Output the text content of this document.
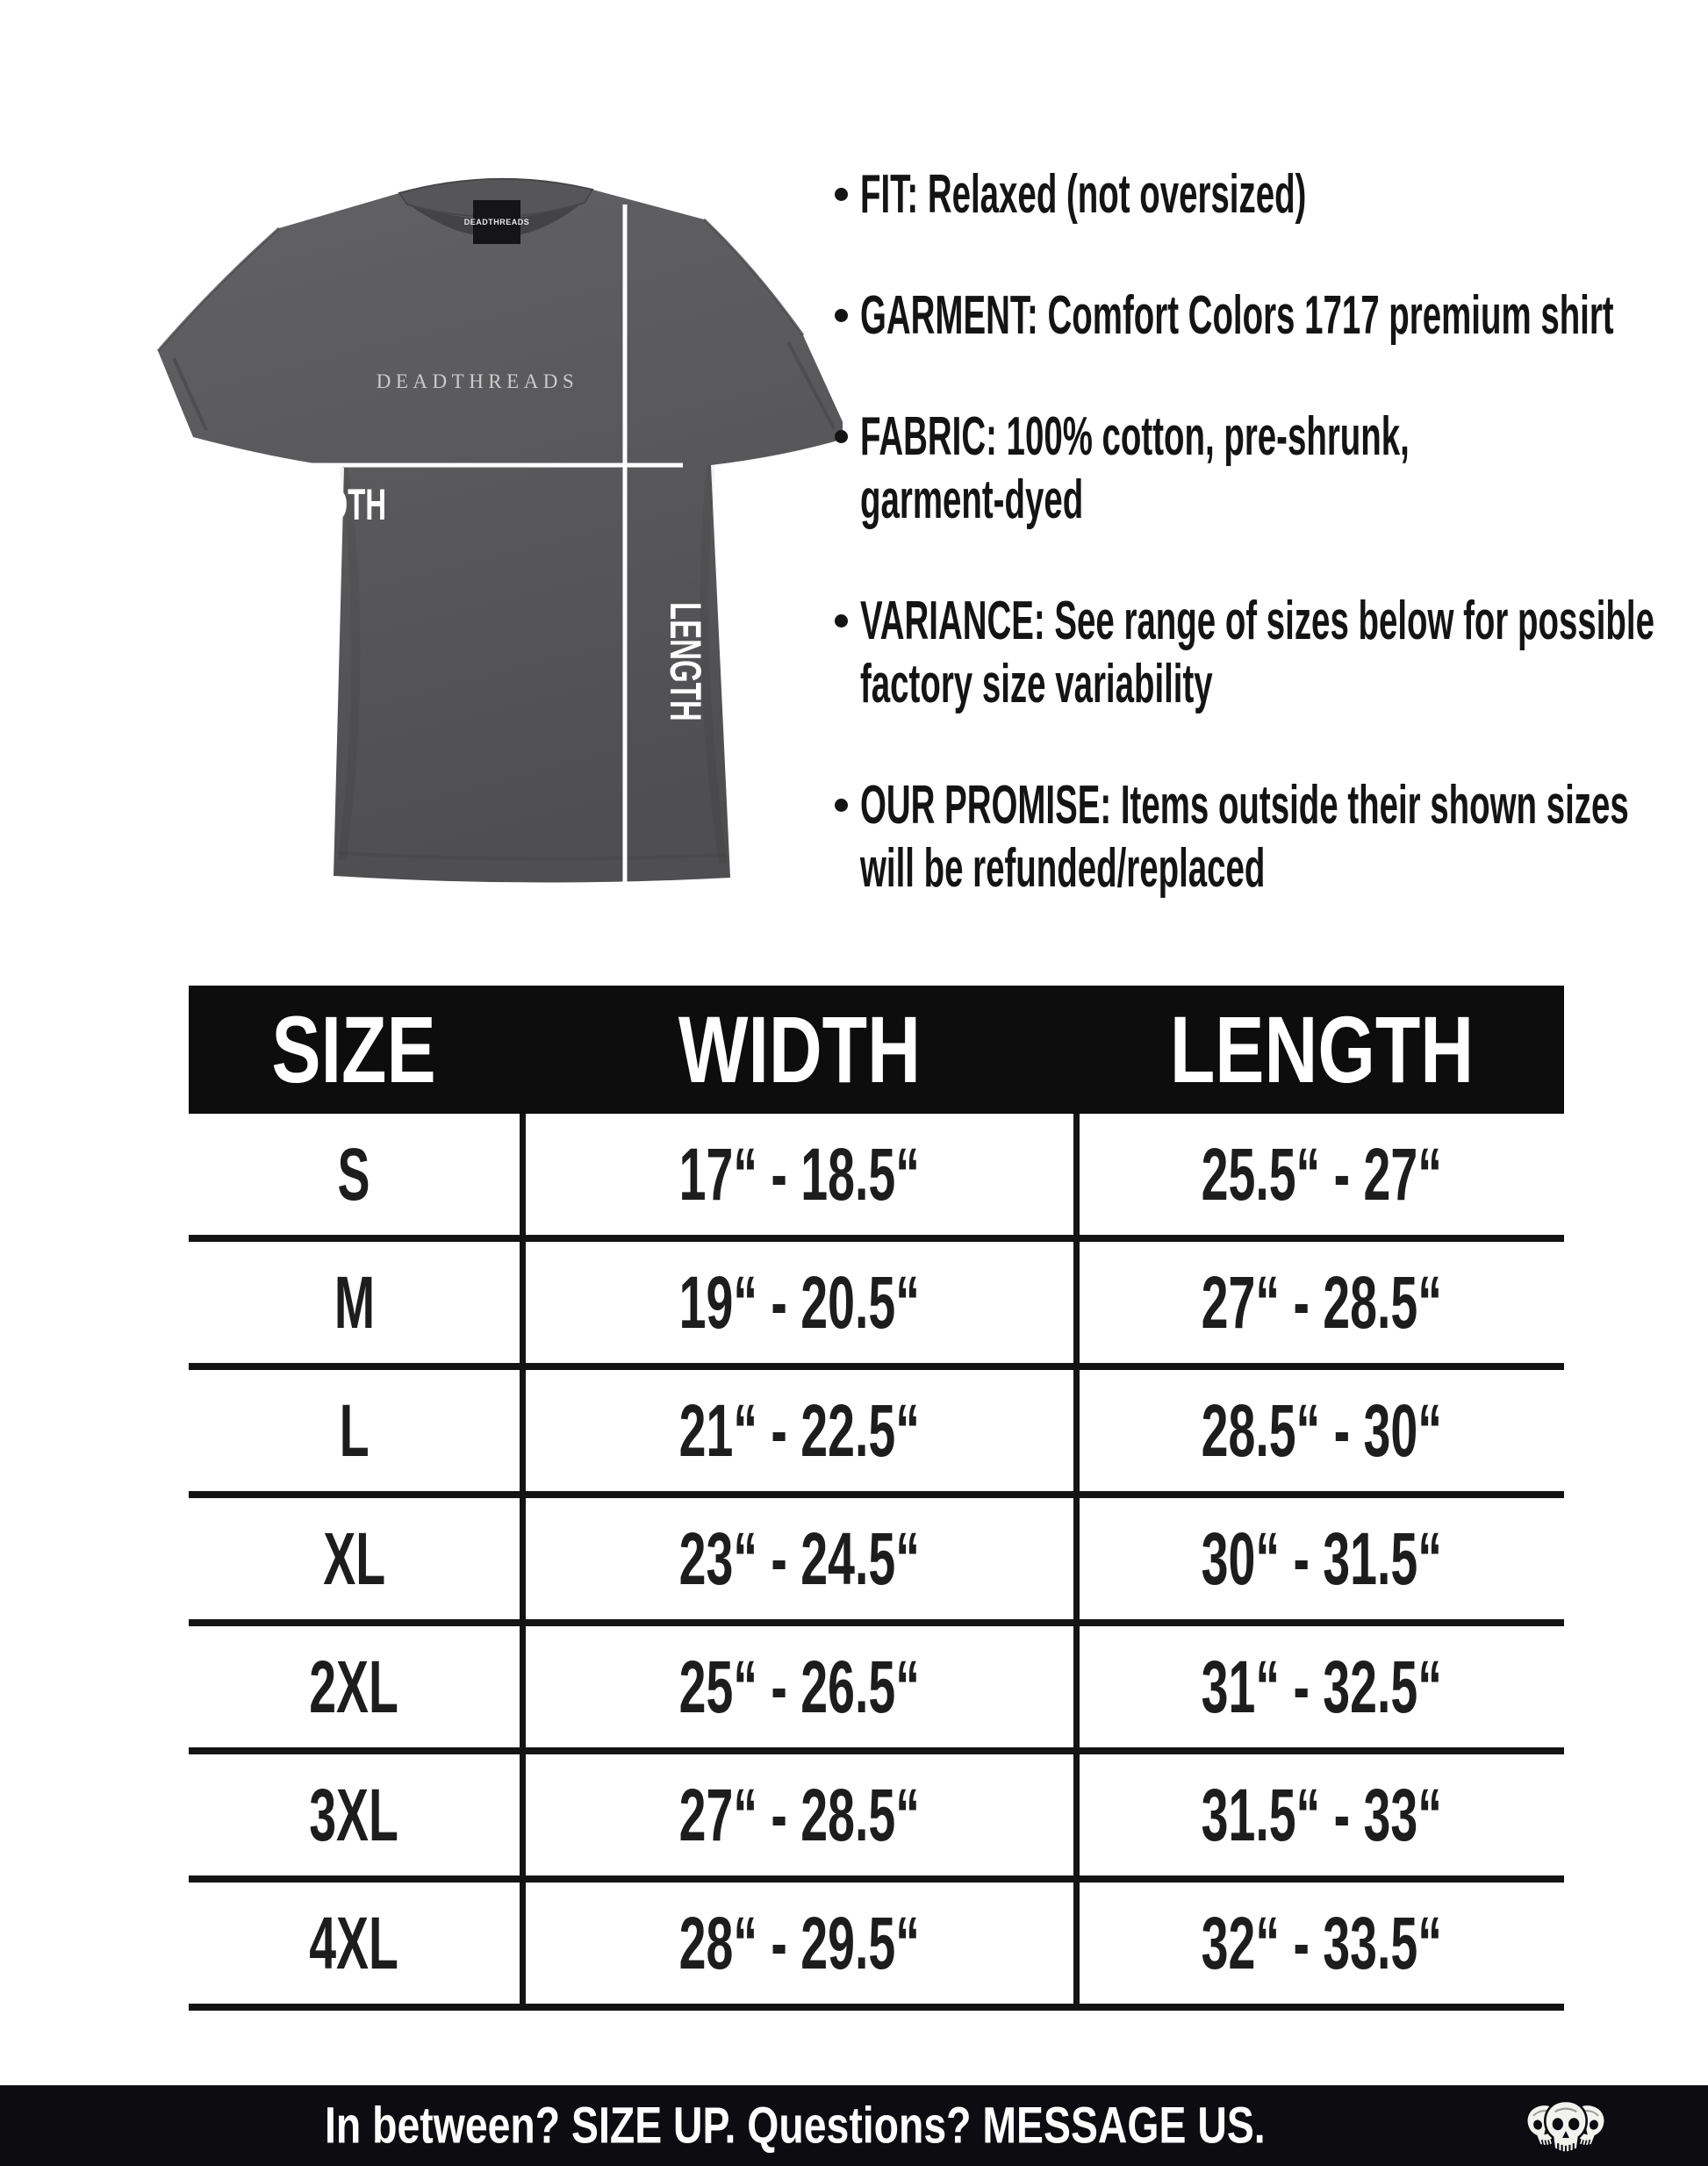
DEADTHREADS
DEADTHREADS
WIDTH
LENGTH
FIT: Relaxed (not oversized)
GARMENT: Comfort Colors 1717 premium shirt
FABRIC: 100% cotton, pre-shrunk,
garment-dyed
VARIANCE: See range of sizes below for possible
factory size variability
OUR PROMISE: Items outside their shown sizes
will be refunded/replaced
SIZE	WIDTH	LENGTH
S	17“ - 18.5“	25.5“ - 27“
M	19“ - 20.5“	27“ - 28.5“
L	21“ - 22.5“	28.5“ - 30“
XL	23“ - 24.5“	30“ - 31.5“
2XL	25“ - 26.5“	31“ - 32.5“
3XL	27“ - 28.5“	31.5“ - 33“
4XL	28“ - 29.5“	32“ - 33.5“
In between? SIZE UP. Questions? MESSAGE US.
